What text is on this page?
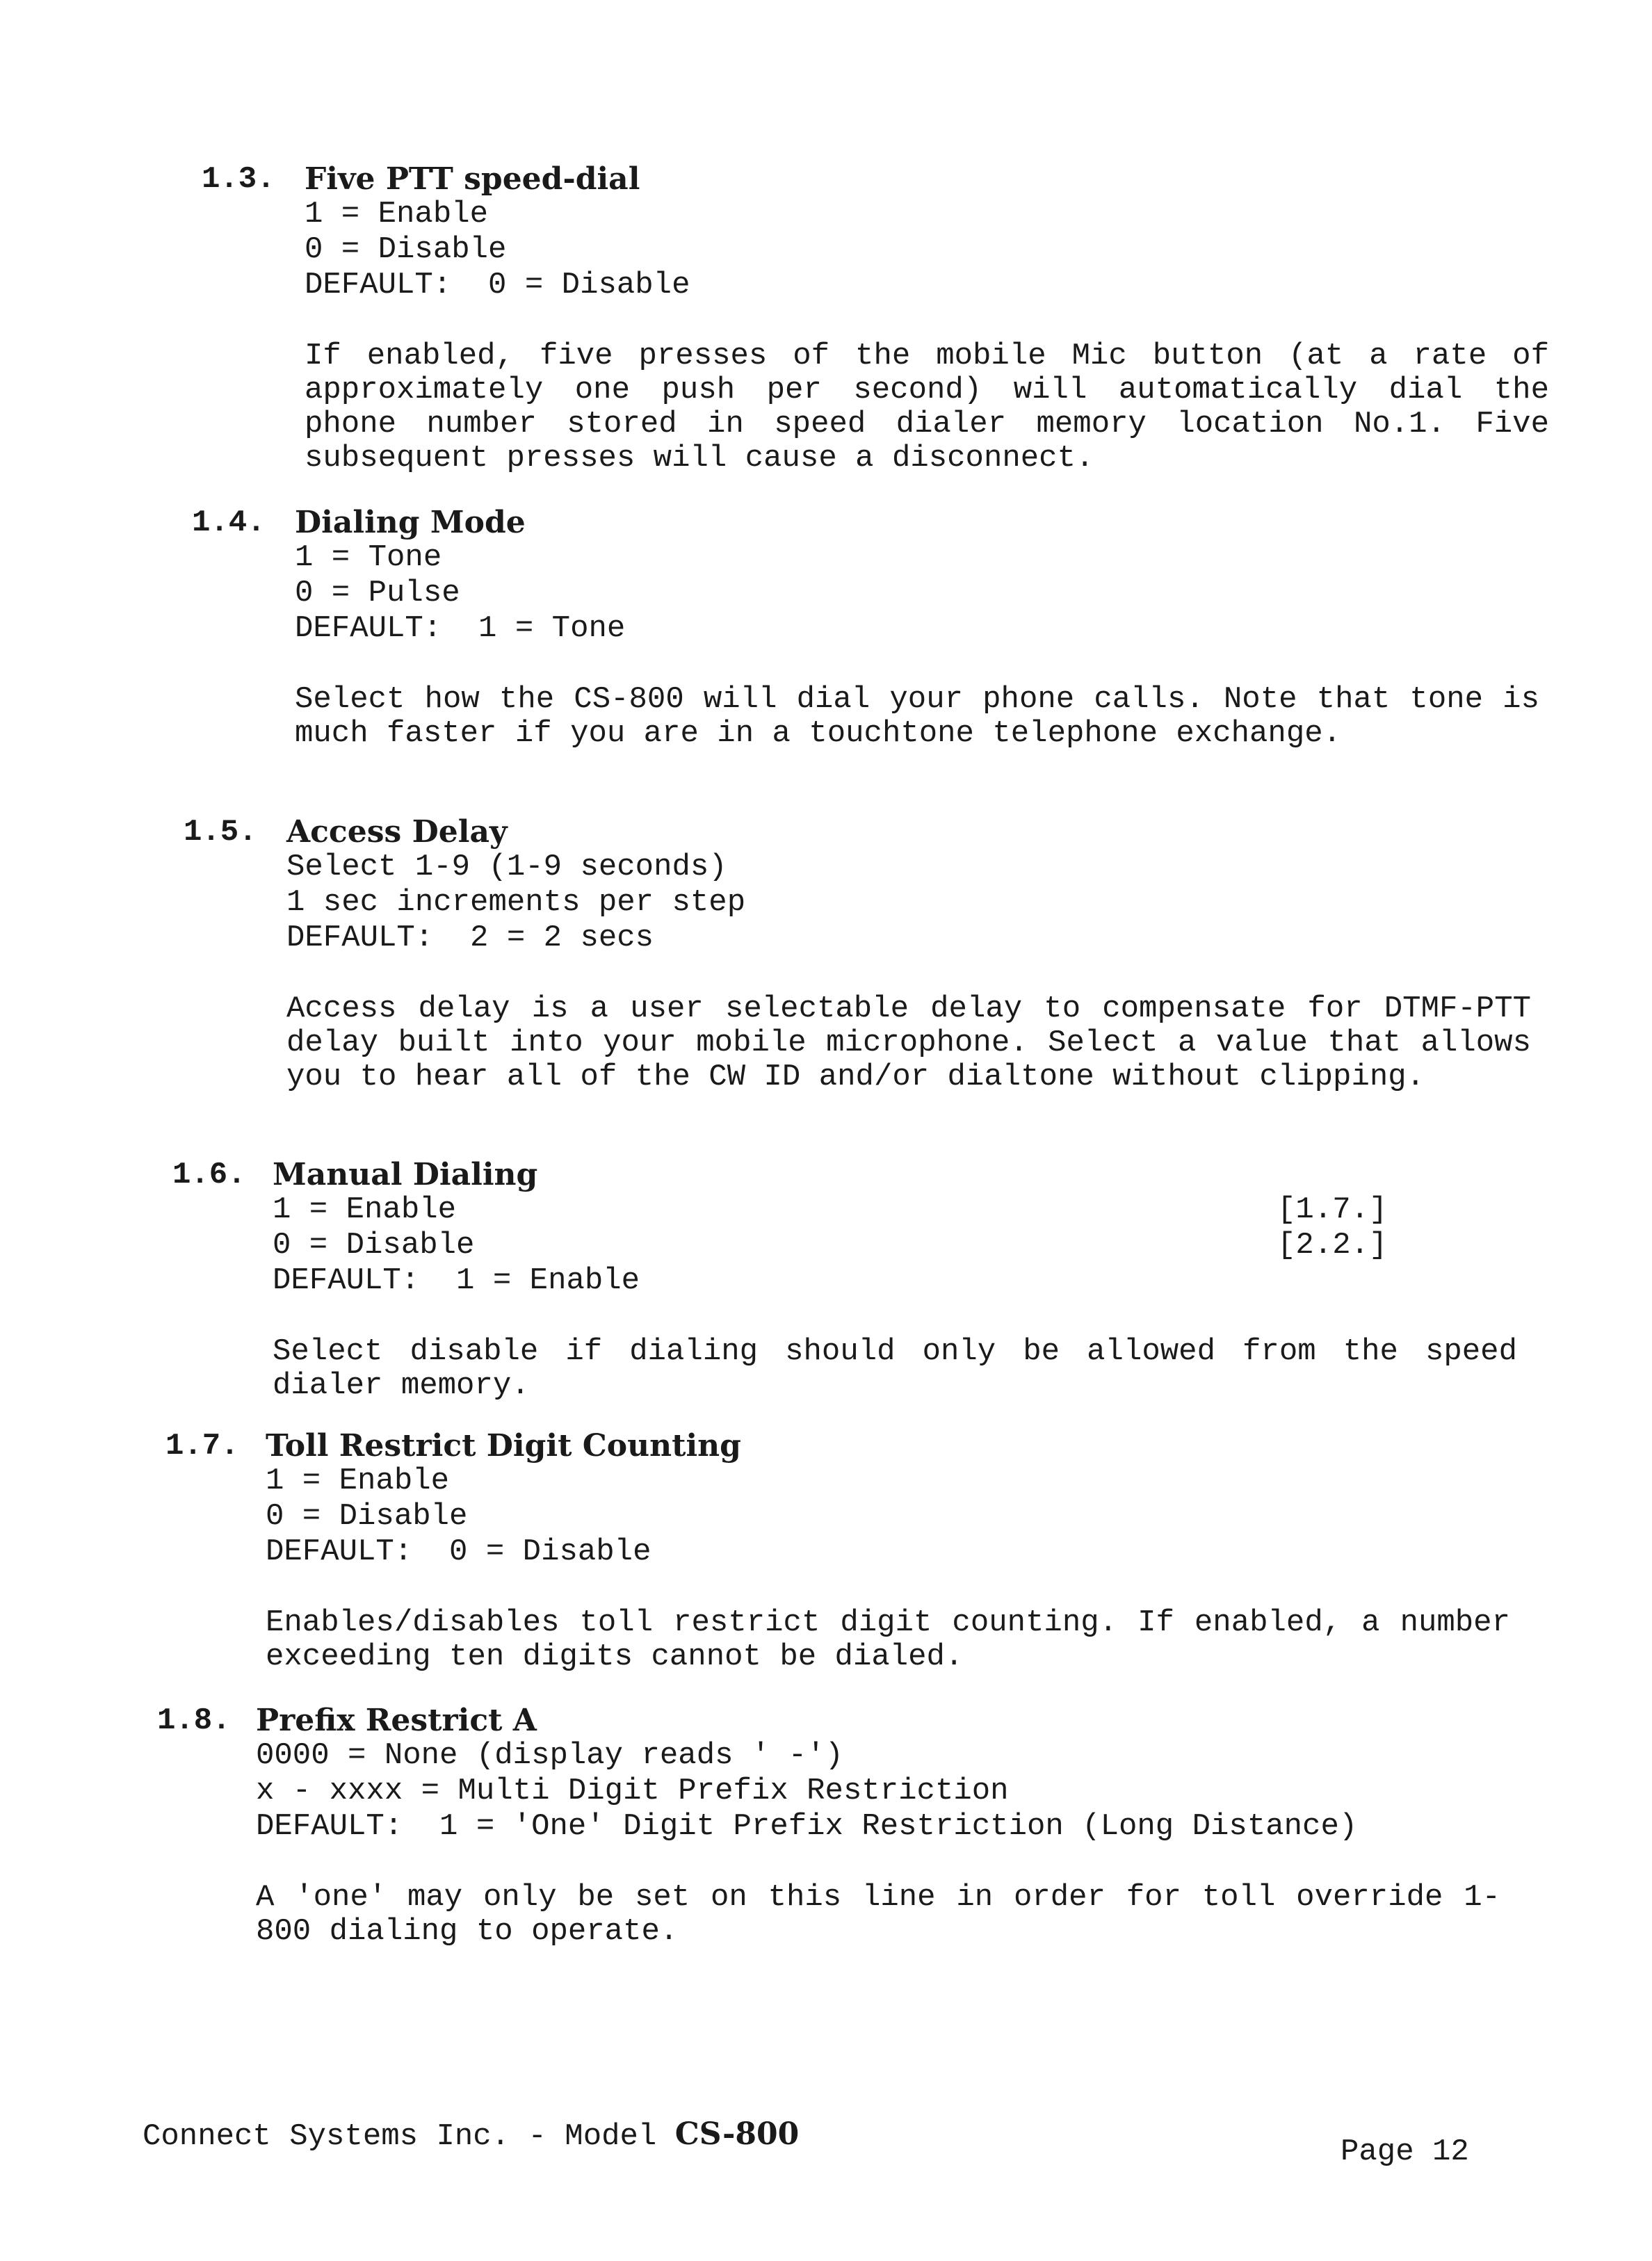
1.3. Five PTT speed-dial
1 = Enable
0 = Disable
DEFAULT:  0 = Disable
If enabled, five presses of the mobile Mic button (at a rate of approximately one push per second) will automatically dial the phone number stored in speed dialer memory location No.1. Five subsequent presses will cause a disconnect.
1.4. Dialing Mode
1 = Tone
0 = Pulse
DEFAULT:  1 = Tone
Select how the CS-800 will dial your phone calls. Note that tone is much faster if you are in a touchtone telephone exchange.
1.5. Access Delay
Select 1-9 (1-9 seconds)
1 sec increments per step
DEFAULT:  2 = 2 secs
Access delay is a user selectable delay to compensate for DTMF-PTT delay built into your mobile microphone. Select a value that allows you to hear all of the CW ID and/or dialtone without clipping.
1.6. Manual Dialing
1 = Enable
0 = Disable
DEFAULT:  1 = Enable
[1.7.]
[2.2.]
Select disable if dialing should only be allowed from the speed dialer memory.
1.7. Toll Restrict Digit Counting
1 = Enable
0 = Disable
DEFAULT:  0 = Disable
Enables/disables toll restrict digit counting. If enabled, a number exceeding ten digits cannot be dialed.
1.8. Prefix Restrict A
0000 = None (display reads ' -')
x - xxxx = Multi Digit Prefix Restriction
DEFAULT:  1 = 'One' Digit Prefix Restriction (Long Distance)
A 'one' may only be set on this line in order for toll override 1-800 dialing to operate.
Connect Systems Inc. - Model CS-800	Page 12
